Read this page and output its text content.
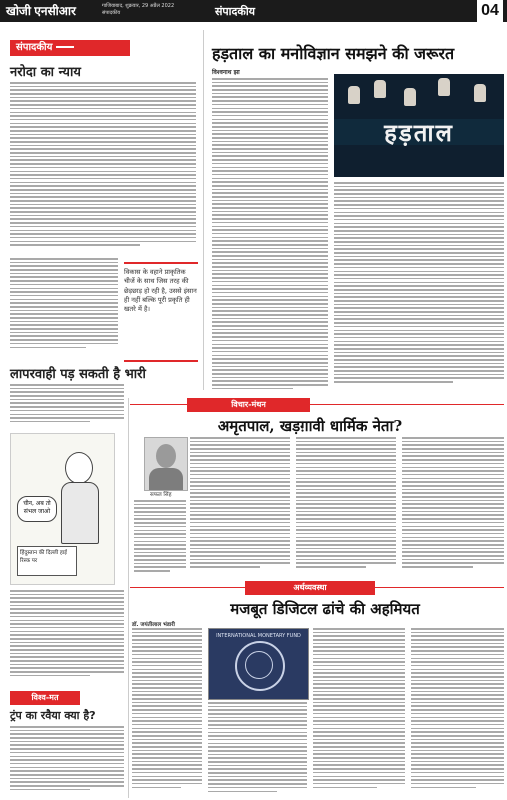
खोजी एनसीआर	गाजियाबाद, शुक्रवार, 29 अप्रैल 2022
संपादकीय	संपादकीय	04
संपादकीय
नरोदा का न्याय
विकास के वहाने प्राकृतिक चीजें के साथ जिस तरह की छेड़छाड़ हो रही है, उससे इंसान ही नहीं बल्कि पूरी प्रकृति ही खतरे में है।
लापरवाही पड़ सकती है भारी
चीन, अब तो संभल जाओ
हिंदुस्तान की दिल्ली हाई रिस्क पर
विश्व-मत
ट्रंप का रवैया क्या है?
हड़ताल का मनोविज्ञान समझने की जरूरत
विश्वनाथ झा
हड़ताल
विचार-मंथन
अमृतपाल, खड़ग़ावी धार्मिक नेता?
सफल सिंह
अर्थव्यवस्था
मजबूत डिजिटल ढांचे की अहमियत
डॉ. जयंतीलाल भंडारी
INTERNATIONAL MONETARY FUND
